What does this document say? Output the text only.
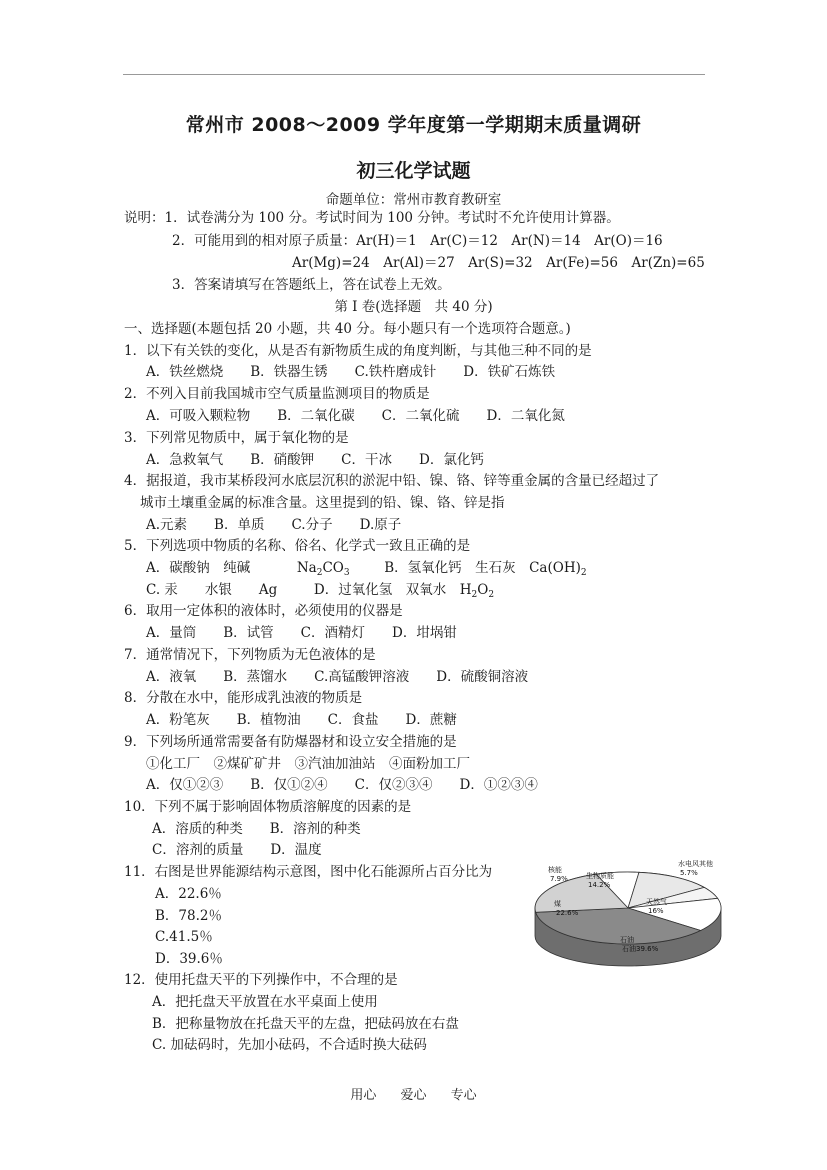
常州市 2008～2009 学年度第一学期期末质量调研
初三化学试题
命题单位：常州市教育教研室
说明：1．试卷满分为 100 分。考试时间为 100 分钟。考试时不允许使用计算器。
2．可能用到的相对原子质量：Ar(H)＝1　Ar(C)＝12　Ar(N)＝14　Ar(O)＝16
Ar(Mg)=24　Ar(Al)＝27　Ar(S)=32　Ar(Fe)=56　Ar(Zn)=65
3．答案请填写在答题纸上，答在试卷上无效。
第 I 卷(选择题　共 40 分)
一、选择题(本题包括 20 小题，共 40 分。每小题只有一个选项符合题意。)
1．以下有关铁的变化，从是否有新物质生成的角度判断，与其他三种不同的是
A．铁丝燃烧　　B．铁器生锈　　C.铁杵磨成针　　D．铁矿石炼铁
2．不列入目前我国城市空气质量监测项目的物质是
A．可吸入颗粒物　　B．二氧化碳　　C．二氧化硫　　D．二氧化氮
3．下列常见物质中，属于氧化物的是
A．急救氧气　　B．硝酸钾　　C．干冰　　D．氯化钙
4．据报道，我市某桥段河水底层沉积的淤泥中铅、镍、铬、锌等重金属的含量已经超过了
城市土壤重金属的标准含量。这里提到的铅、镍、铬、锌是指
A.元素　　B．单质　　C.分子　　D.原子
5．下列选项中物质的名称、俗名、化学式一致且正确的是
A．碳酸钠　纯碱	$Na_2CO_3$	B．氢氧化钙　生石灰　$Ca(OH)_2$
C. 汞　　水银　　Ag	D．过氧化氢　双氧水　$H_2O_2$
6．取用一定体积的液体时，必须使用的仪器是
A．量筒　　B．试管　　C．酒精灯　　D．坩埚钳
7．通常情况下，下列物质为无色液体的是
A．液氧　　B．蒸馏水　　C.高锰酸钾溶液　　D．硫酸铜溶液
8．分散在水中，能形成乳浊液的物质是
A．粉笔灰　　B．植物油　　C．食盐　　D．蔗糖
9．下列场所通常需要备有防爆器材和设立安全措施的是
①化工厂　②煤矿矿井　③汽油加油站　④面粉加工厂
A．仅①②③　　B．仅①②④　　C．仅②③④　　D．①②③④
10．下列不属于影响固体物质溶解度的因素的是
A．溶质的种类　　B．溶剂的种类
C．溶剂的质量　　D．温度
11．右图是世界能源结构示意图，图中化石能源所占百分比为
A．22.6％
B．78.2％
C.41.5％
D．39.6％
核能
7.9%	生物质能
14.2%
水电风其他
5.7%
天然气
16%
石油
石油39.6%
煤
22.6%
12．使用托盘天平的下列操作中，不合理的是
A．把托盘天平放置在水平桌面上使用
B．把称量物放在托盘天平的左盘，把砝码放在右盘
C. 加砝码时，先加小砝码，不合适时换大砝码
用心 爱心 专心
